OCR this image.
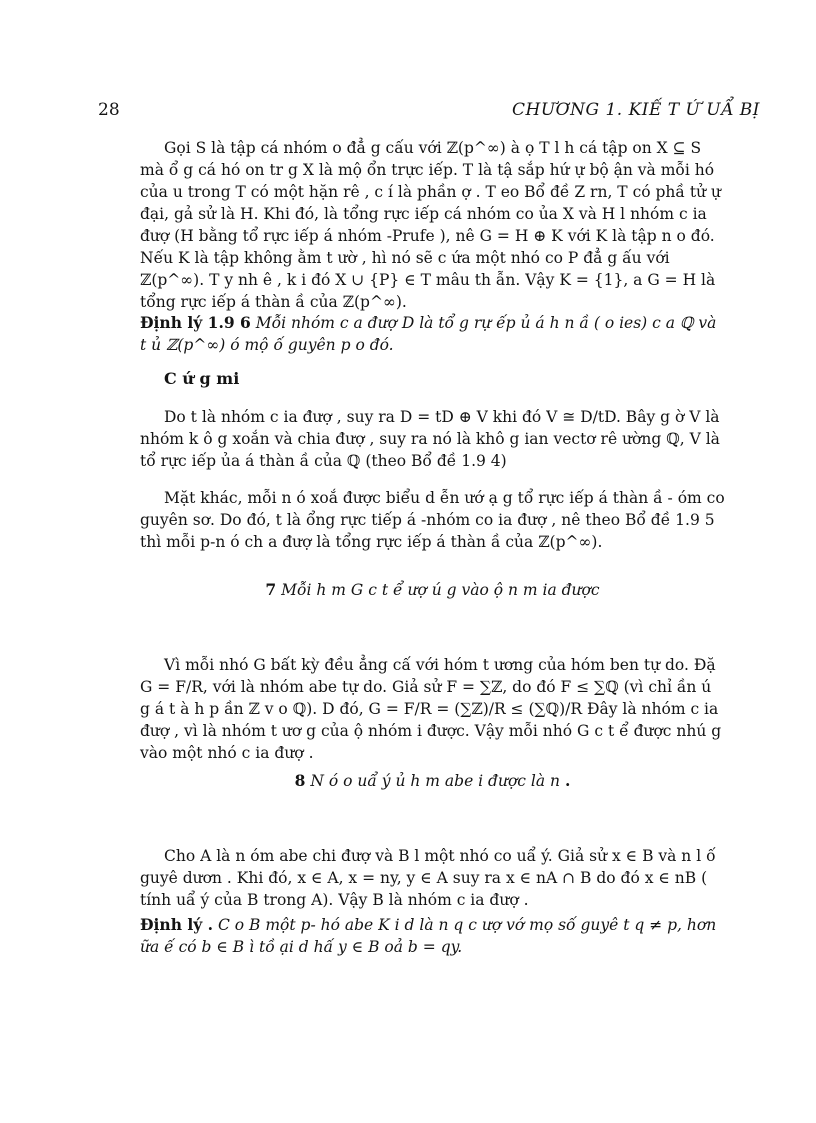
28	CHƯƠNG 1. KIẾ T Ứ UẨ BỊ

Gọi S là tập cá nhóm o đẳ g cấu với ℤ(p^∞) à ọ T l h cá tập on X ⊆ S mà ổ g cá hó on tr g X là mộ ổn trực iếp. T là tậ sắp hứ ự bộ ận và mỗi hó của u trong T có một hặn rê , c í là phần ợ . T eo Bổ đề Z rn, T có phầ tử ự đại, gả sử là H. Khi đó, là tổng rực iếp cá nhóm co ủa X và H l nhóm c ia đượ (H bằng tổ rực iếp á nhóm -Prufe ), nê G = H ⊕ K với K là tập n o đó. Nếu K là tập không ằm t ườ , hì nó sẽ c ứa một nhó co P đẳ g ấu với ℤ(p^∞). T y nh ê , k i đó X ∪ {P} ∈ T mâu th ẫn. Vậy K = {1}, a G = H là tổng rực iếp á thàn ầ của ℤ(p^∞).

Định lý 1.9 6 Mỗi nhóm c a đượ D là tổ g rự ếp ủ á h n ầ ( o ies) c a ℚ và t ủ ℤ(p^∞) ó mộ ố guyên p o đó.

C ứ g mi

Do t là nhóm c ia đượ , suy ra D = tD ⊕ V khi đó V ≅ D/tD. Bây g ờ V là nhóm k ô g xoắn và chia đượ , suy ra nó là khô g ian vectơ rê ường ℚ, V là tổ rực iếp ủa á thàn ầ của ℚ (theo Bổ đề 1.9 4)

Mặt khác, mỗi n ó xoắ được biểu d ễn ướ ạ g tổ rực iếp á thàn ầ - óm co guyên sơ. Do đó, t là ổng rực tiếp á -nhóm co ia đượ , nê theo Bổ đề 1.9 5 thì mỗi p-n ó ch a đượ là tổng rực iếp á thàn ầ của ℤ(p^∞).

7 Mỗi h m G c t ể ượ ú g vào ộ n m ia được

Vì mỗi nhó G bất kỳ đều ẳng cấ với hóm t ương của hóm ben tự do. Đặ G = F/R, với là nhóm abe tự do. Giả sử F = ∑ℤ, do đó F ≤ ∑ℚ (vì chỉ ần ú g á t à h p ần ℤ v o ℚ). D đó, G = F/R = (∑ℤ)/R ≤ (∑ℚ)/R Đây là nhóm c ia đượ , vì là nhóm t ươ g của ộ nhóm i được. Vậy mỗi nhó G c t ể được nhú g vào một nhó c ia đượ .

8 N ó o uẩ ý ủ h m abe i được là n .

Cho A là n óm abe chi đượ và B l một nhó co uẩ ý. Giả sử x ∈ B và n l ố guyê dươn . Khi đó, x ∈ A, x = ny, y ∈ A suy ra x ∈ nA ∩ B do đó x ∈ nB ( tính uẩ ý của B trong A). Vậy B là nhóm c ia đượ .

Định lý . C o B một p- hó abe K i d là n q c ượ vớ mọ số guyê t q ≠ p, hơn ữa ế có b ∈ B ì tồ ại d hấ y ∈ B oả b = qy.
